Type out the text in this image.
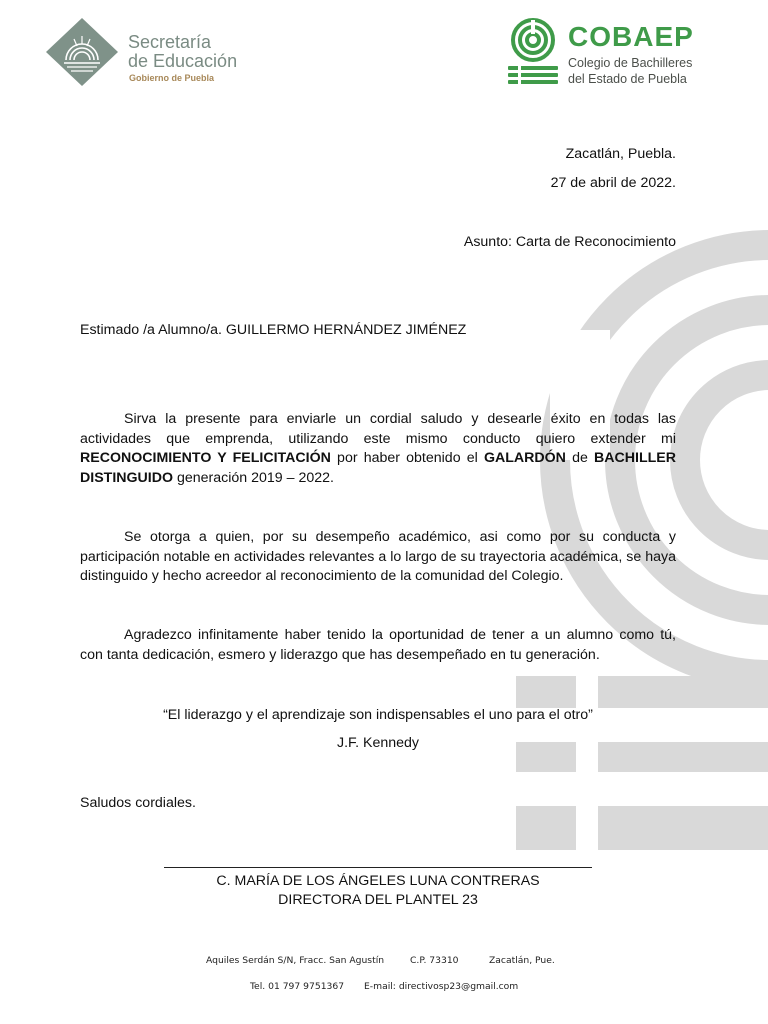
Secretaría
de Educación
Gobierno de Puebla
COBAEP
Colegio de Bachilleres
del Estado de Puebla
Zacatlán, Puebla.
27 de abril de 2022.
Asunto: Carta de Reconocimiento
Estimado /a Alumno/a. GUILLERMO HERNÁNDEZ JIMÉNEZ

Sirva la presente para enviarle un cordial saludo y desearle éxito en todas las actividades que emprenda, utilizando este mismo conducto quiero extender mi RECONOCIMIENTO Y FELICITACIÓN por haber obtenido el GALARDÓN de BACHILLER DISTINGUIDO generación 2019 – 2022.

Se otorga a quien, por su desempeño académico, asi como por su conducta y participación notable en actividades relevantes a lo largo de su trayectoria académica, se haya distinguido y hecho acreedor al reconocimiento de la comunidad del Colegio.

Agradezco infinitamente haber tenido la oportunidad de tener a un alumno como tú, con tanta dedicación, esmero y liderazgo que has desempeñado en tu generación.

“El liderazgo y el aprendizaje son indispensables el uno para el otro”
J.F. Kennedy
Saludos cordiales.
C. MARÍA DE LOS ÁNGELES LUNA CONTRERAS
DIRECTORA DEL PLANTEL 23
Aquiles Serdán S/N, Fracc. San Agustín	C.P. 73310	Zacatlán, Pue.
Tel. 01 797 9751367 E-mail: directivosp23@gmail.com
